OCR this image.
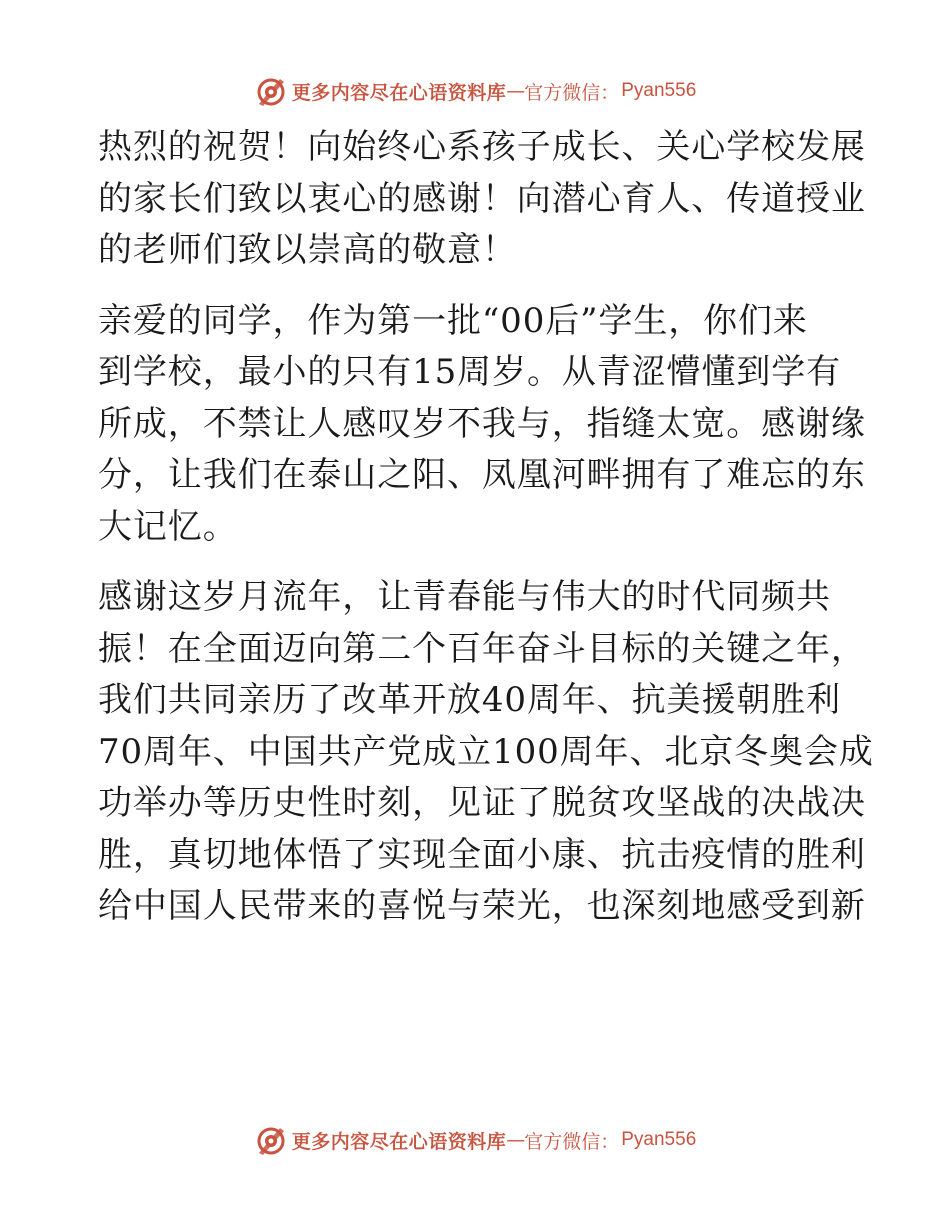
更多内容尽在心语资料库 — 官方微信： Pyan556

热烈的祝贺！向始终心系孩子成长、关心学校发展
的家长们致以衷心的感谢！向潜心育人、传道授业
的老师们致以崇高的敬意！

亲爱的同学，作为第一批“00后”学生，你们来
到学校，最小的只有15周岁。从青涩懵懂到学有
所成，不禁让人感叹岁不我与，指缝太宽。感谢缘
分，让我们在泰山之阳、凤凰河畔拥有了难忘的东
大记忆。

感谢这岁月流年，让青春能与伟大的时代同频共
振！在全面迈向第二个百年奋斗目标的关键之年，
我们共同亲历了改革开放40周年、抗美援朝胜利
70周年、中国共产党成立100周年、北京冬奥会成
功举办等历史性时刻，见证了脱贫攻坚战的决战决
胜，真切地体悟了实现全面小康、抗击疫情的胜利
给中国人民带来的喜悦与荣光，也深刻地感受到新

更多内容尽在心语资料库 — 官方微信： Pyan556
